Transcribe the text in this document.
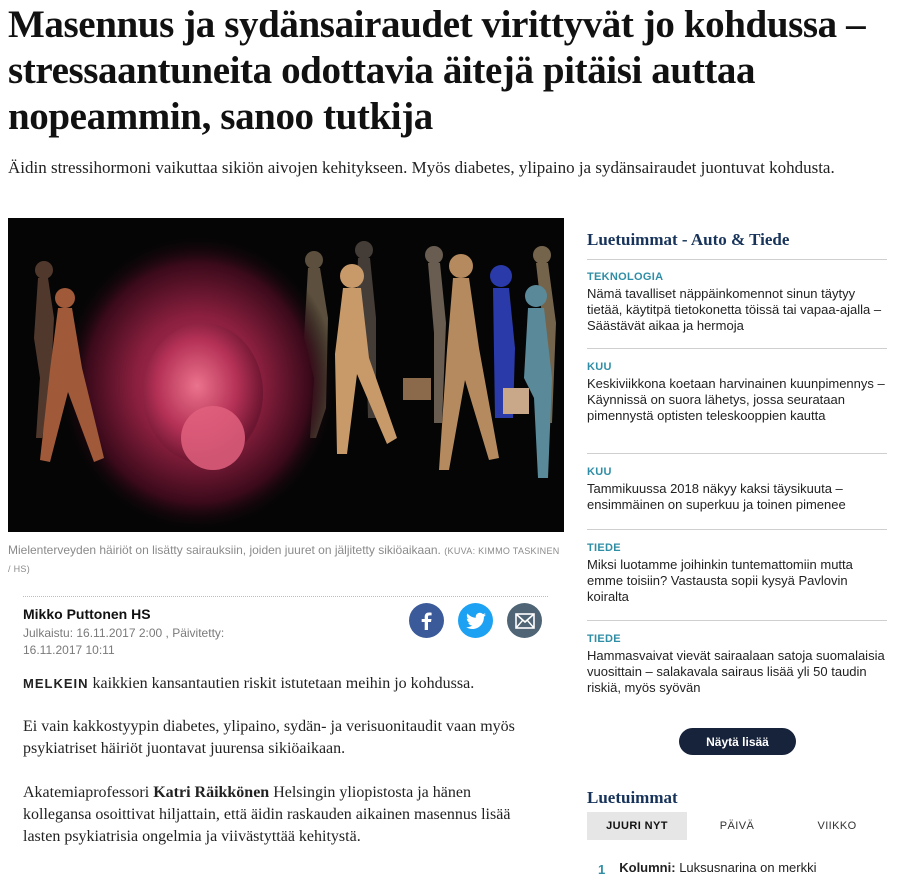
Masennus ja sydänsairaudet virittyvät jo kohdussa – stressaantuneita odottavia äitejä pitäisi auttaa nopeammin, sanoo tutkija

Äidin stressihormoni vaikuttaa sikiön aivojen kehitykseen. Myös diabetes, ylipaino ja sydänsairaudet juontuvat kohdusta.

Mielenterveyden häiriöt on lisätty sairauksiin, joiden juuret on jäljitetty sikiöaikaan. (KUVA: KIMMO TASKINEN / HS)
Mikko Puttonen HS
Julkaistu: 16.11.2017 2:00 , Päivitetty: 16.11.2017 10:11

MELKEIN kaikkien kansantautien riskit istutetaan meihin jo kohdussa.

Ei vain kakkostyypin diabetes, ylipaino, sydän- ja verisuonitaudit vaan myös psykiatriset häiriöt juontavat juurensa sikiöaikaan.

Akatemiaprofessori Katri Räikkönen Helsingin yliopistosta ja hänen kollegansa osoittivat hiljattain, että äidin raskauden aikainen masennus lisää lasten psykiatrisia ongelmia ja viivästyttää kehitystä.

Luetuimmat - Auto & Tiede
TEKNOLOGIA
Nämä tavalliset näppäinkomennot sinun täytyy tietää, käytitpä tietokonetta töissä tai vapaa-ajalla – Säästävät aikaa ja hermoja
KUU
Keskiviikkona koetaan harvinainen kuunpimennys – Käynnissä on suora lähetys, jossa seurataan pimennystä optisten teleskooppien kautta
KUU
Tammikuussa 2018 näkyy kaksi täysikuuta – ensimmäinen on superkuu ja toinen pimenee
TIEDE
Miksi luotamme joihinkin tuntemattomiin mutta emme toisiin? Vastausta sopii kysyä Pavlovin koiralta
TIEDE
Hammasvaivat vievät sairaalaan satoja suomalaisia vuosittain – salakavala sairaus lisää yli 50 taudin riskiä, myös syövän
Näytä lisää
Luetuimmat
JUURI NYT	PÄIVÄ	VIIKKO
1 Kolumni: Luksusnarina on merkki
